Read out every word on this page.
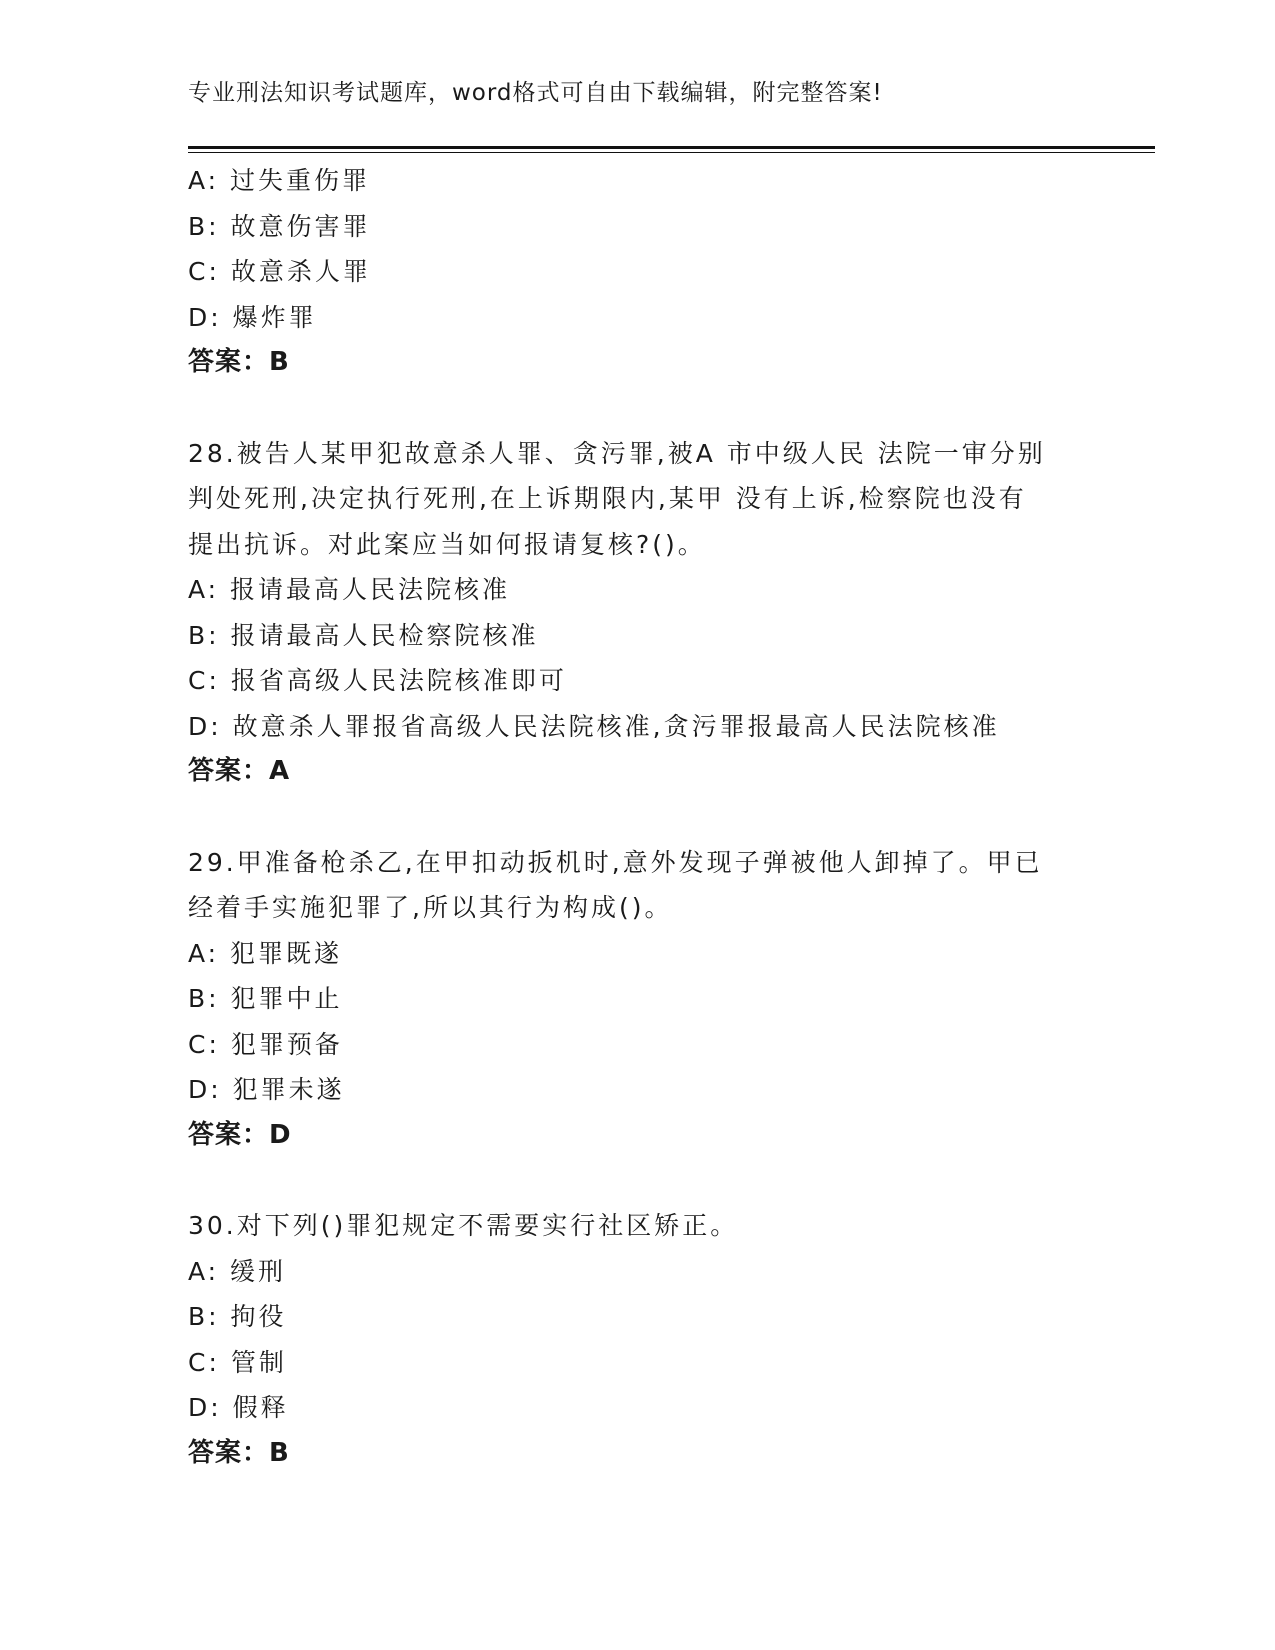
专业刑法知识考试题库，word格式可自由下载编辑，附完整答案!
A: 过失重伤罪
B: 故意伤害罪
C: 故意杀人罪
D: 爆炸罪
答案：B
28.被告人某甲犯故意杀人罪、贪污罪,被A 市中级人民 法院一审分别
判处死刑,决定执行死刑,在上诉期限内,某甲 没有上诉,检察院也没有
提出抗诉。对此案应当如何报请复核?()。
A: 报请最高人民法院核准
B: 报请最高人民检察院核准
C: 报省高级人民法院核准即可
D: 故意杀人罪报省高级人民法院核准,贪污罪报最高人民法院核准
答案：A
29.甲准备枪杀乙,在甲扣动扳机时,意外发现子弹被他人卸掉了。甲已
经着手实施犯罪了,所以其行为构成()。
A: 犯罪既遂
B: 犯罪中止
C: 犯罪预备
D: 犯罪未遂
答案：D
30.对下列()罪犯规定不需要实行社区矫正。
A: 缓刑
B: 拘役
C: 管制
D: 假释
答案：B
